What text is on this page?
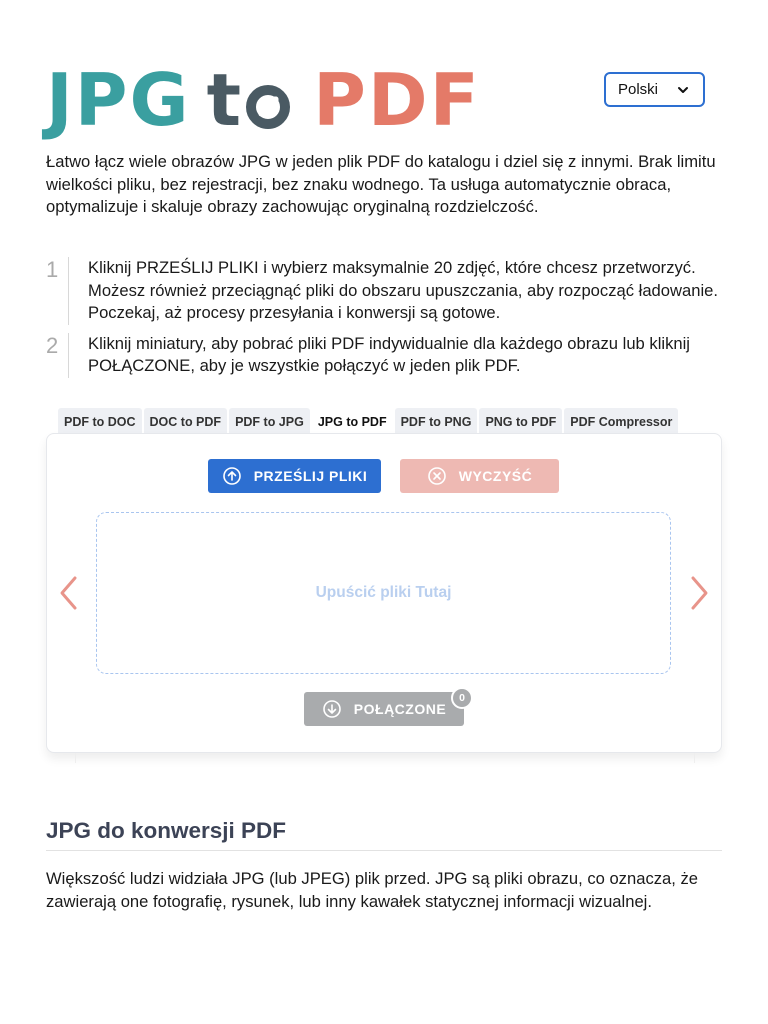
JPG t PDF	Polski

Łatwo łącz wiele obrazów JPG w jeden plik PDF do katalogu i dziel się z innymi. Brak limitu wielkości pliku, bez rejestracji, bez znaku wodnego. Ta usługa automatycznie obraca, optymalizuje i skaluje obrazy zachowując oryginalną rozdzielczość.

1	Kliknij PRZEŚLIJ PLIKI i wybierz maksymalnie 20 zdjęć, które chcesz przetworzyć. Możesz również przeciągnąć pliki do obszaru upuszczania, aby rozpocząć ładowanie. Poczekaj, aż procesy przesyłania i konwersji są gotowe.
2	Kliknij miniatury, aby pobrać pliki PDF indywidualnie dla każdego obrazu lub kliknij POŁĄCZONE, aby je wszystkie połączyć w jeden plik PDF.
PDF to DOC	DOC to PDF	PDF to JPG	JPG to PDF	PDF to PNG	PNG to PDF	PDF Compressor
PRZEŚLIJ PLIKI	WYCZYŚĆ
Upuścić pliki Tutaj
POŁĄCZONE
0
JPG do konwersji PDF

Większość ludzi widziała JPG (lub JPEG) plik przed. JPG są pliki obrazu, co oznacza, że zawierają one fotografię, rysunek, lub inny kawałek statycznej informacji wizualnej.
